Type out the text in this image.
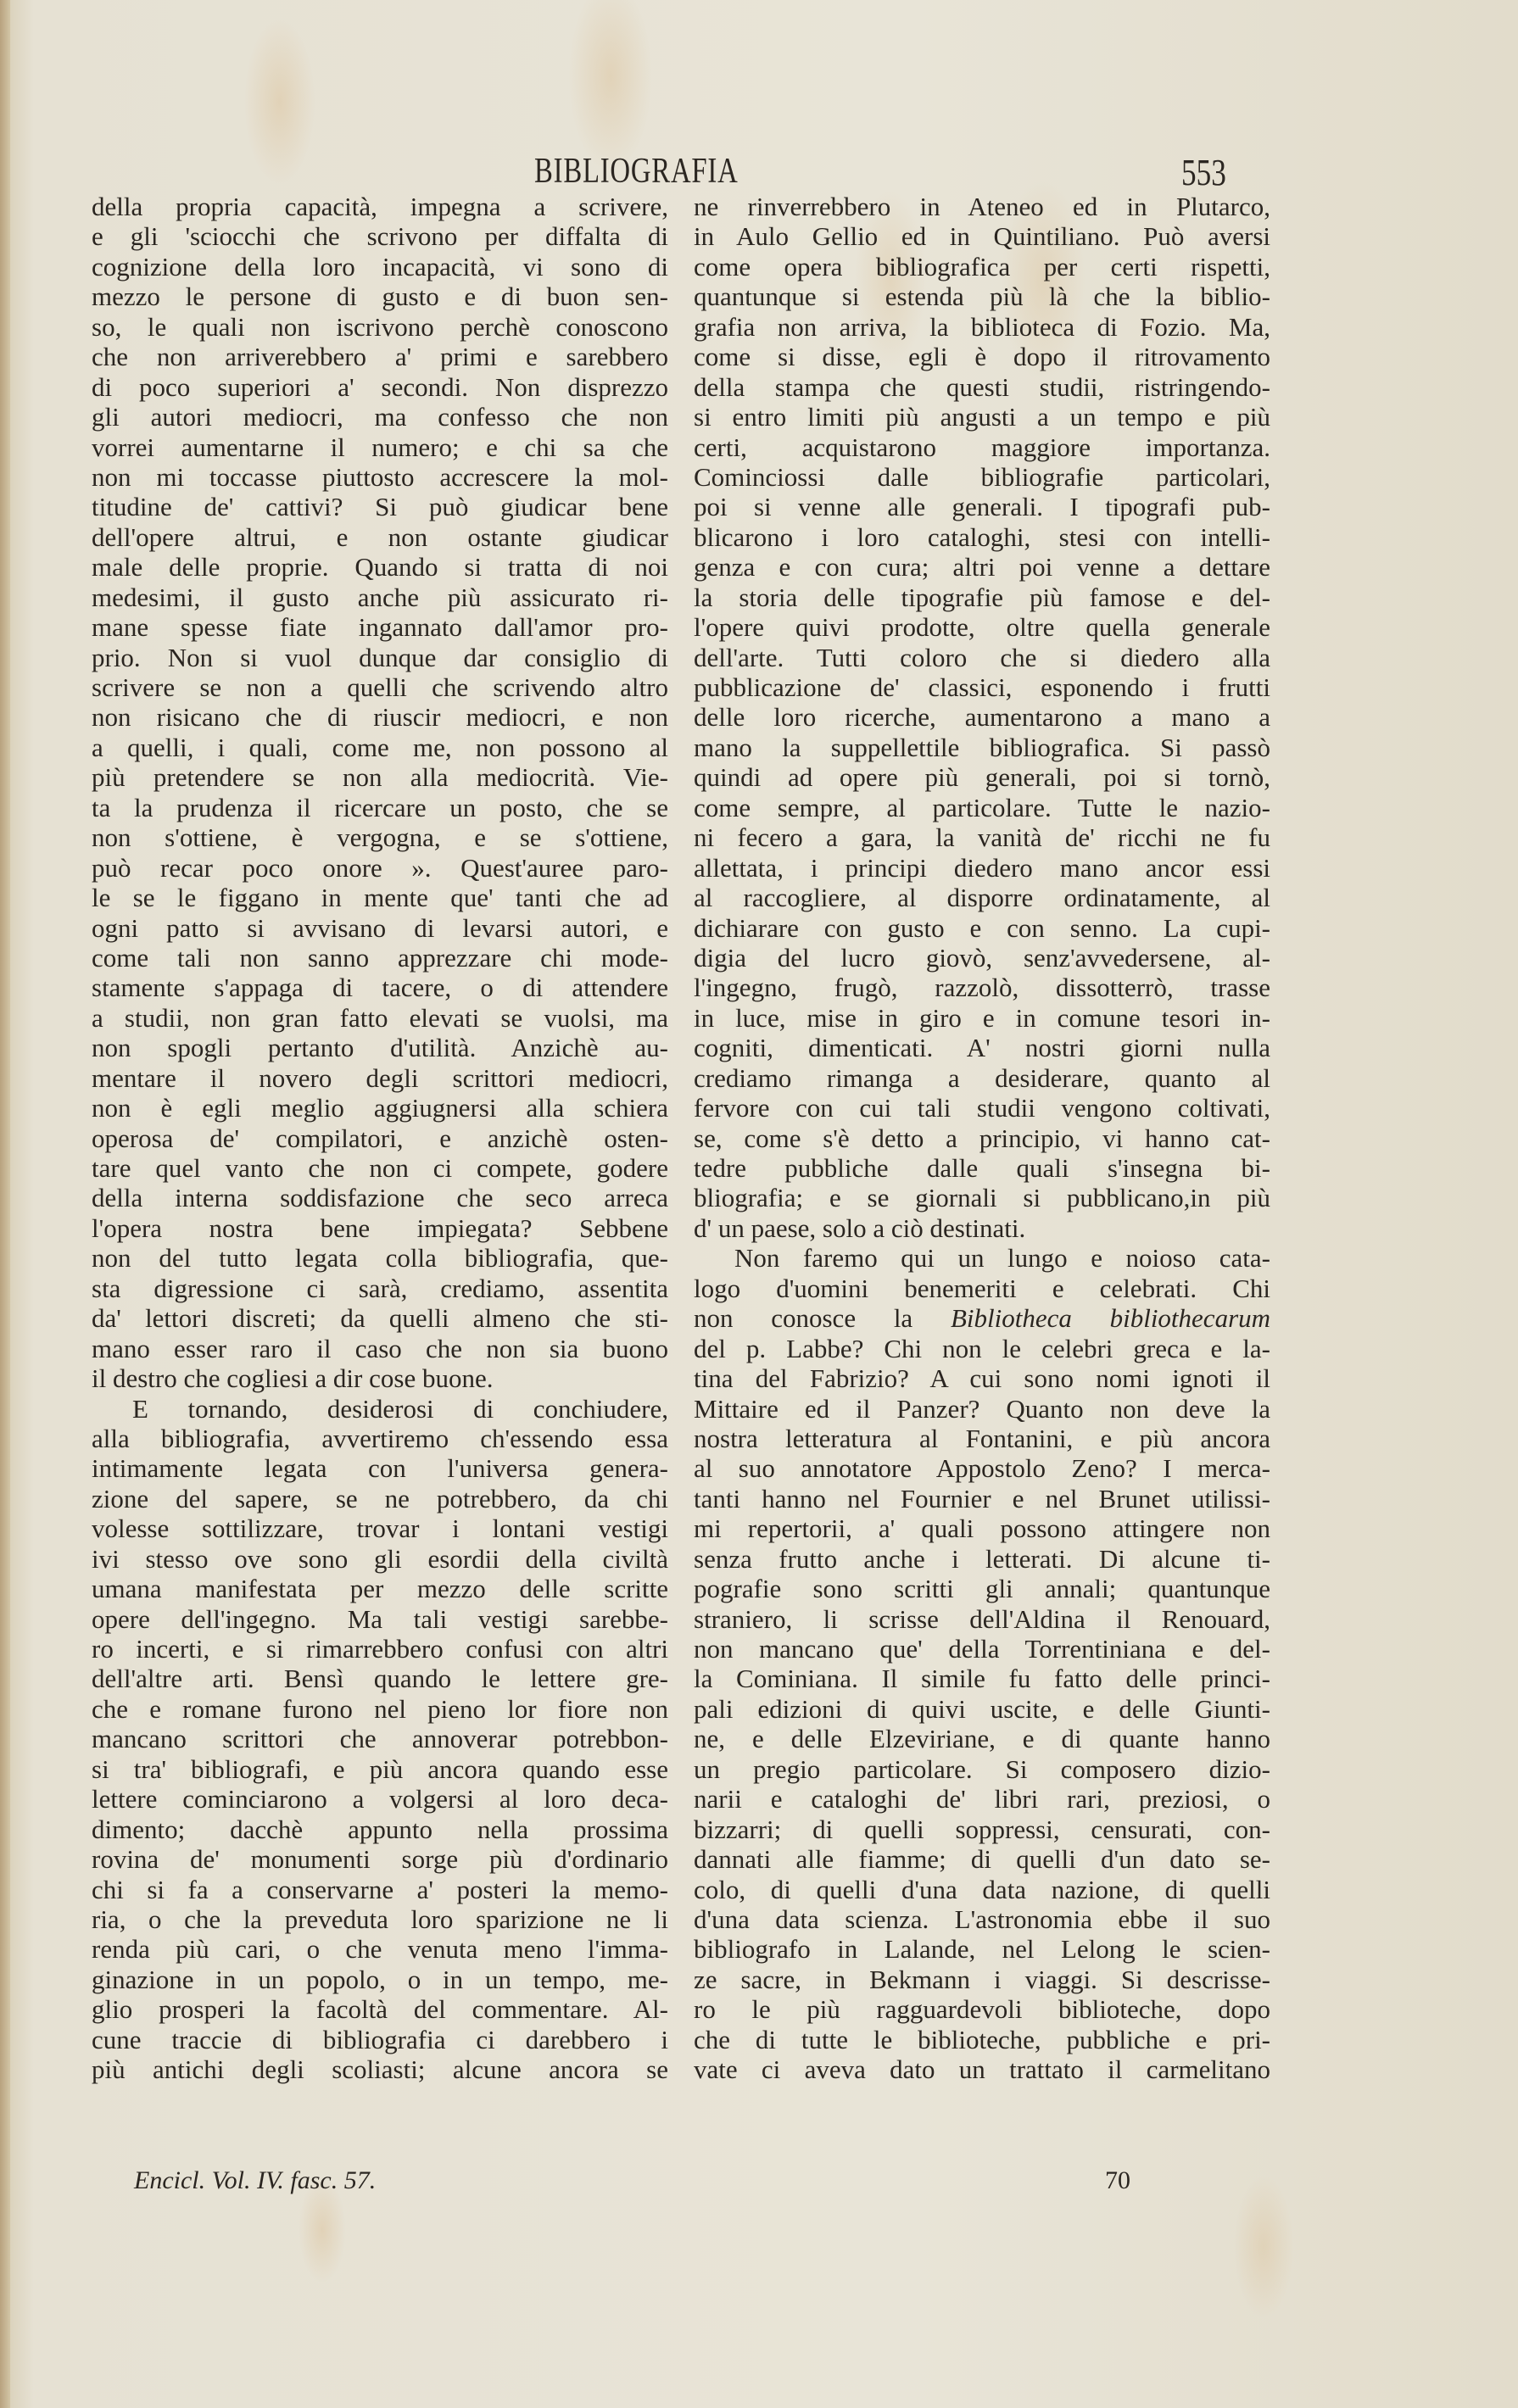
BIBLIOGRAFIA	553
della propria capacità, impegna a scrivere,
e gli 'sciocchi che scrivono per diffalta di
cognizione della loro incapacità, vi sono di
mezzo le persone di gusto e di buon sen-
so, le quali non iscrivono perchè conoscono
che non arriverebbero a' primi e sarebbero
di poco superiori a' secondi. Non disprezzo
gli autori mediocri, ma confesso che non
vorrei aumentarne il numero; e chi sa che
non mi toccasse piuttosto accrescere la mol-
titudine de' cattivi? Si può giudicar bene
dell'opere altrui, e non ostante giudicar
male delle proprie. Quando si tratta di noi
medesimi, il gusto anche più assicurato ri-
mane spesse fiate ingannato dall'amor pro-
prio. Non si vuol dunque dar consiglio di
scrivere se non a quelli che scrivendo altro
non risicano che di riuscir mediocri, e non
a quelli, i quali, come me, non possono al
più pretendere se non alla mediocrità. Vie-
ta la prudenza il ricercare un posto, che se
non s'ottiene, è vergogna, e se s'ottiene,
può recar poco onore ». Quest'auree paro-
le se le figgano in mente que' tanti che ad
ogni patto si avvisano di levarsi autori, e
come tali non sanno apprezzare chi mode-
stamente s'appaga di tacere, o di attendere
a studii, non gran fatto elevati se vuolsi, ma
non spogli pertanto d'utilità. Anzichè au-
mentare il novero degli scrittori mediocri,
non è egli meglio aggiugnersi alla schiera
operosa de' compilatori, e anzichè osten-
tare quel vanto che non ci compete, godere
della interna soddisfazione che seco arreca
l'opera nostra bene impiegata? Sebbene
non del tutto legata colla bibliografia, que-
sta digressione ci sarà, crediamo, assentita
da' lettori discreti; da quelli almeno che sti-
mano esser raro il caso che non sia buono
il destro che cogliesi a dir cose buone.
E tornando, desiderosi di conchiudere,
alla bibliografia, avvertiremo ch'essendo essa
intimamente legata con l'universa genera-
zione del sapere, se ne potrebbero, da chi
volesse sottilizzare, trovar i lontani vestigi
ivi stesso ove sono gli esordii della civiltà
umana manifestata per mezzo delle scritte
opere dell'ingegno. Ma tali vestigi sarebbe-
ro incerti, e si rimarrebbero confusi con altri
dell'altre arti. Bensì quando le lettere gre-
che e romane furono nel pieno lor fiore non
mancano scrittori che annoverar potrebbon-
si tra' bibliografi, e più ancora quando esse
lettere cominciarono a volgersi al loro deca-
dimento; dacchè appunto nella prossima
rovina de' monumenti sorge più d'ordinario
chi si fa a conservarne a' posteri la memo-
ria, o che la preveduta loro sparizione ne li
renda più cari, o che venuta meno l'imma-
ginazione in un popolo, o in un tempo, me-
glio prosperi la facoltà del commentare. Al-
cune traccie di bibliografia ci darebbero i
più antichi degli scoliasti; alcune ancora se
ne rinverrebbero in Ateneo ed in Plutarco,
in Aulo Gellio ed in Quintiliano. Può aversi
come opera bibliografica per certi rispetti,
quantunque si estenda più là che la biblio-
grafia non arriva, la biblioteca di Fozio. Ma,
come si disse, egli è dopo il ritrovamento
della stampa che questi studii, ristringendo-
si entro limiti più angusti a un tempo e più
certi, acquistarono maggiore importanza.
Cominciossi dalle bibliografie particolari,
poi si venne alle generali. I tipografi pub-
blicarono i loro cataloghi, stesi con intelli-
genza e con cura; altri poi venne a dettare
la storia delle tipografie più famose e del-
l'opere quivi prodotte, oltre quella generale
dell'arte. Tutti coloro che si diedero alla
pubblicazione de' classici, esponendo i frutti
delle loro ricerche, aumentarono a mano a
mano la suppellettile bibliografica. Si passò
quindi ad opere più generali, poi si tornò,
come sempre, al particolare. Tutte le nazio-
ni fecero a gara, la vanità de' ricchi ne fu
allettata, i principi diedero mano ancor essi
al raccogliere, al disporre ordinatamente, al
dichiarare con gusto e con senno. La cupi-
digia del lucro giovò, senz'avvedersene, al-
l'ingegno, frugò, razzolò, dissotterrò, trasse
in luce, mise in giro e in comune tesori in-
cogniti, dimenticati. A' nostri giorni nulla
crediamo rimanga a desiderare, quanto al
fervore con cui tali studii vengono coltivati,
se, come s'è detto a principio, vi hanno cat-
tedre pubbliche dalle quali s'insegna bi-
bliografia; e se giornali si pubblicano,in più
d' un paese, solo a ciò destinati.
Non faremo qui un lungo e noioso cata-
logo d'uomini benemeriti e celebrati. Chi
non conosce la Bibliotheca bibliothecarum
del p. Labbe? Chi non le celebri greca e la-
tina del Fabrizio? A cui sono nomi ignoti il
Mittaire ed il Panzer? Quanto non deve la
nostra letteratura al Fontanini, e più ancora
al suo annotatore Appostolo Zeno? I merca-
tanti hanno nel Fournier e nel Brunet utilissi-
mi repertorii, a' quali possono attingere non
senza frutto anche i letterati. Di alcune ti-
pografie sono scritti gli annali; quantunque
straniero, li scrisse dell'Aldina il Renouard,
non mancano que' della Torrentiniana e del-
la Cominiana. Il simile fu fatto delle princi-
pali edizioni di quivi uscite, e delle Giunti-
ne, e delle Elzeviriane, e di quante hanno
un pregio particolare. Si composero dizio-
narii e cataloghi de' libri rari, preziosi, o
bizzarri; di quelli soppressi, censurati, con-
dannati alle fiamme; di quelli d'un dato se-
colo, di quelli d'una data nazione, di quelli
d'una data scienza. L'astronomia ebbe il suo
bibliografo in Lalande, nel Lelong le scien-
ze sacre, in Bekmann i viaggi. Si descrisse-
ro le più ragguardevoli biblioteche, dopo
che di tutte le biblioteche, pubbliche e pri-
vate ci aveva dato un trattato il carmelitano
Encicl. Vol. IV. fasc. 57.	70
